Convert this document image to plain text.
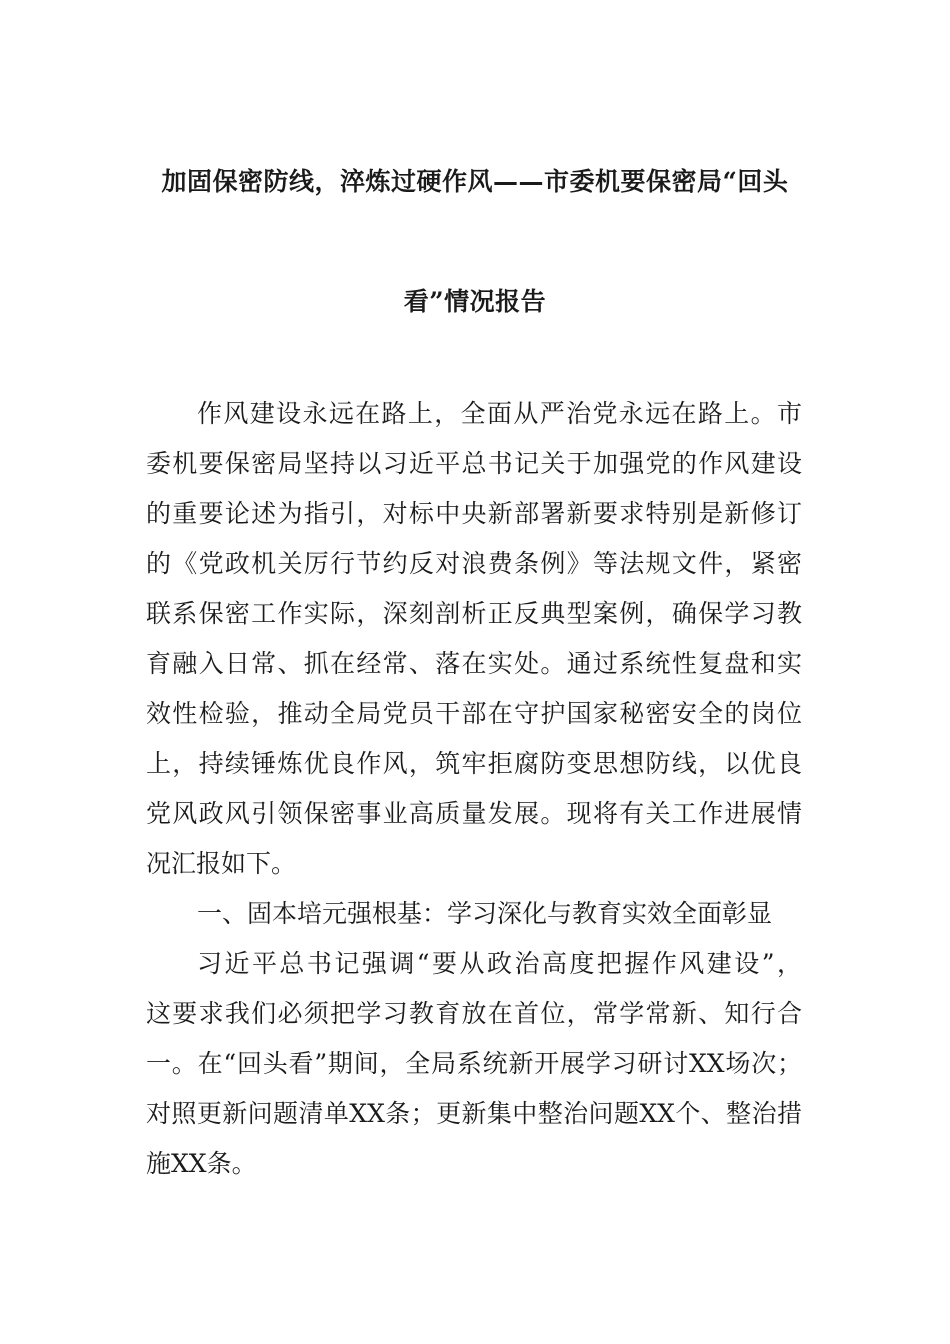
加固保密防线，淬炼过硬作风——市委机要保密局“回头
看”情况报告
作风建设永远在路上，全面从严治党永远在路上。市
委机要保密局坚持以习近平总书记关于加强党的作风建设
的重要论述为指引，对标中央新部署新要求特别是新修订
的《党政机关厉行节约反对浪费条例》等法规文件，紧密
联系保密工作实际，深刻剖析正反典型案例，确保学习教
育融入日常、抓在经常、落在实处。通过系统性复盘和实
效性检验，推动全局党员干部在守护国家秘密安全的岗位
上，持续锤炼优良作风，筑牢拒腐防变思想防线，以优良
党风政风引领保密事业高质量发展。现将有关工作进展情
况汇报如下。
一、固本培元强根基：学习深化与教育实效全面彰显
习近平总书记强调“要从政治高度把握作风建设”，
这要求我们必须把学习教育放在首位，常学常新、知行合
一。在“回头看”期间，全局系统新开展学习研讨XX场次；
对照更新问题清单XX条；更新集中整治问题XX个、整治措
施XX条。
